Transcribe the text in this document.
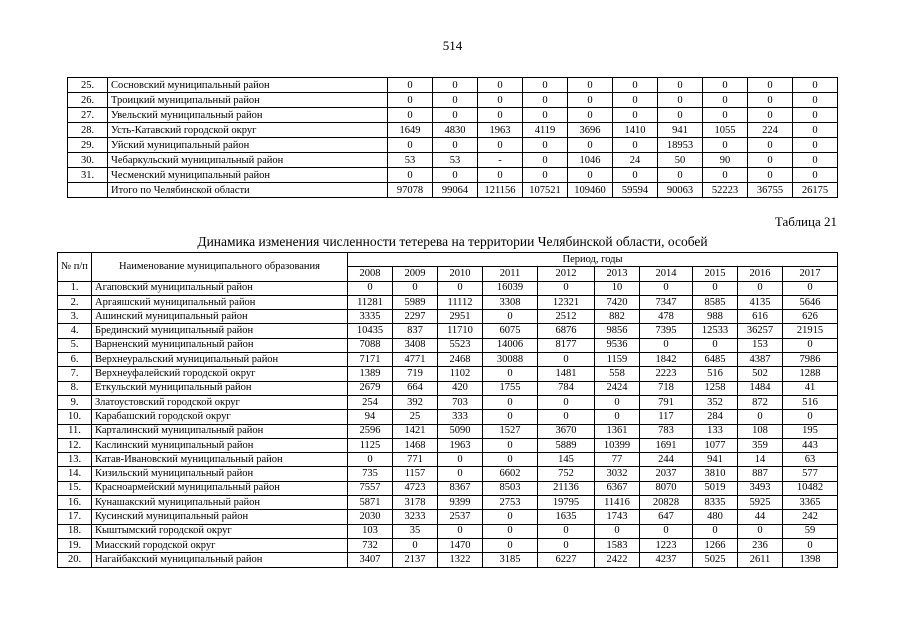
514
25.	Сосновский муниципальный район	0	0	0	0	0	0	0	0	0	0
26.	Троицкий муниципальный район	0	0	0	0	0	0	0	0	0	0
27.	Увельский муниципальный район	0	0	0	0	0	0	0	0	0	0
28.	Усть-Катавский городской округ	1649	4830	1963	4119	3696	1410	941	1055	224	0
29.	Уйский муниципальный район	0	0	0	0	0	0	18953	0	0	0
30.	Чебаркульский муниципальный район	53	53	-	0	1046	24	50	90	0	0
31.	Чесменский муниципальный район	0	0	0	0	0	0	0	0	0	0
	Итого по Челябинской области	97078	99064	121156	107521	109460	59594	90063	52223	36755	26175
Таблица 21
Динамика изменения численности тетерева на территории Челябинской области, особей
№ п/п	Наименование муниципального образования	Период, годы									
		2008	2009	2010	2011	2012	2013	2014	2015	2016	2017
1.	Агаповский муниципальный район	0	0	0	16039	0	10	0	0	0	0
2.	Аргаяшский муниципальный район	11281	5989	11112	3308	12321	7420	7347	8585	4135	5646
3.	Ашинский муниципальный район	3335	2297	2951	0	2512	882	478	988	616	626
4.	Брединский муниципальный район	10435	837	11710	6075	6876	9856	7395	12533	36257	21915
5.	Варненский муниципальный район	7088	3408	5523	14006	8177	9536	0	0	153	0
6.	Верхнеуральский муниципальный район	7171	4771	2468	30088	0	1159	1842	6485	4387	7986
7.	Верхнеуфалейский городской округ	1389	719	1102	0	1481	558	2223	516	502	1288
8.	Еткульский муниципальный район	2679	664	420	1755	784	2424	718	1258	1484	41
9.	Златоустовский городской округ	254	392	703	0	0	0	791	352	872	516
10.	Карабашский городской округ	94	25	333	0	0	0	117	284	0	0
11.	Карталинский муниципальный район	2596	1421	5090	1527	3670	1361	783	133	108	195
12.	Каслинский муниципальный район	1125	1468	1963	0	5889	10399	1691	1077	359	443
13.	Катав-Ивановский муниципальный район	0	771	0	0	145	77	244	941	14	63
14.	Кизильский муниципальный район	735	1157	0	6602	752	3032	2037	3810	887	577
15.	Красноармейский муниципальный район	7557	4723	8367	8503	21136	6367	8070	5019	3493	10482
16.	Кунашакский муниципальный район	5871	3178	9399	2753	19795	11416	20828	8335	5925	3365
17.	Кусинский муниципальный район	2030	3233	2537	0	1635	1743	647	480	44	242
18.	Кыштымский городской округ	103	35	0	0	0	0	0	0	0	59
19.	Миасский городской округ	732	0	1470	0	0	1583	1223	1266	236	0
20.	Нагайбакский муниципальный район	3407	2137	1322	3185	6227	2422	4237	5025	2611	1398
